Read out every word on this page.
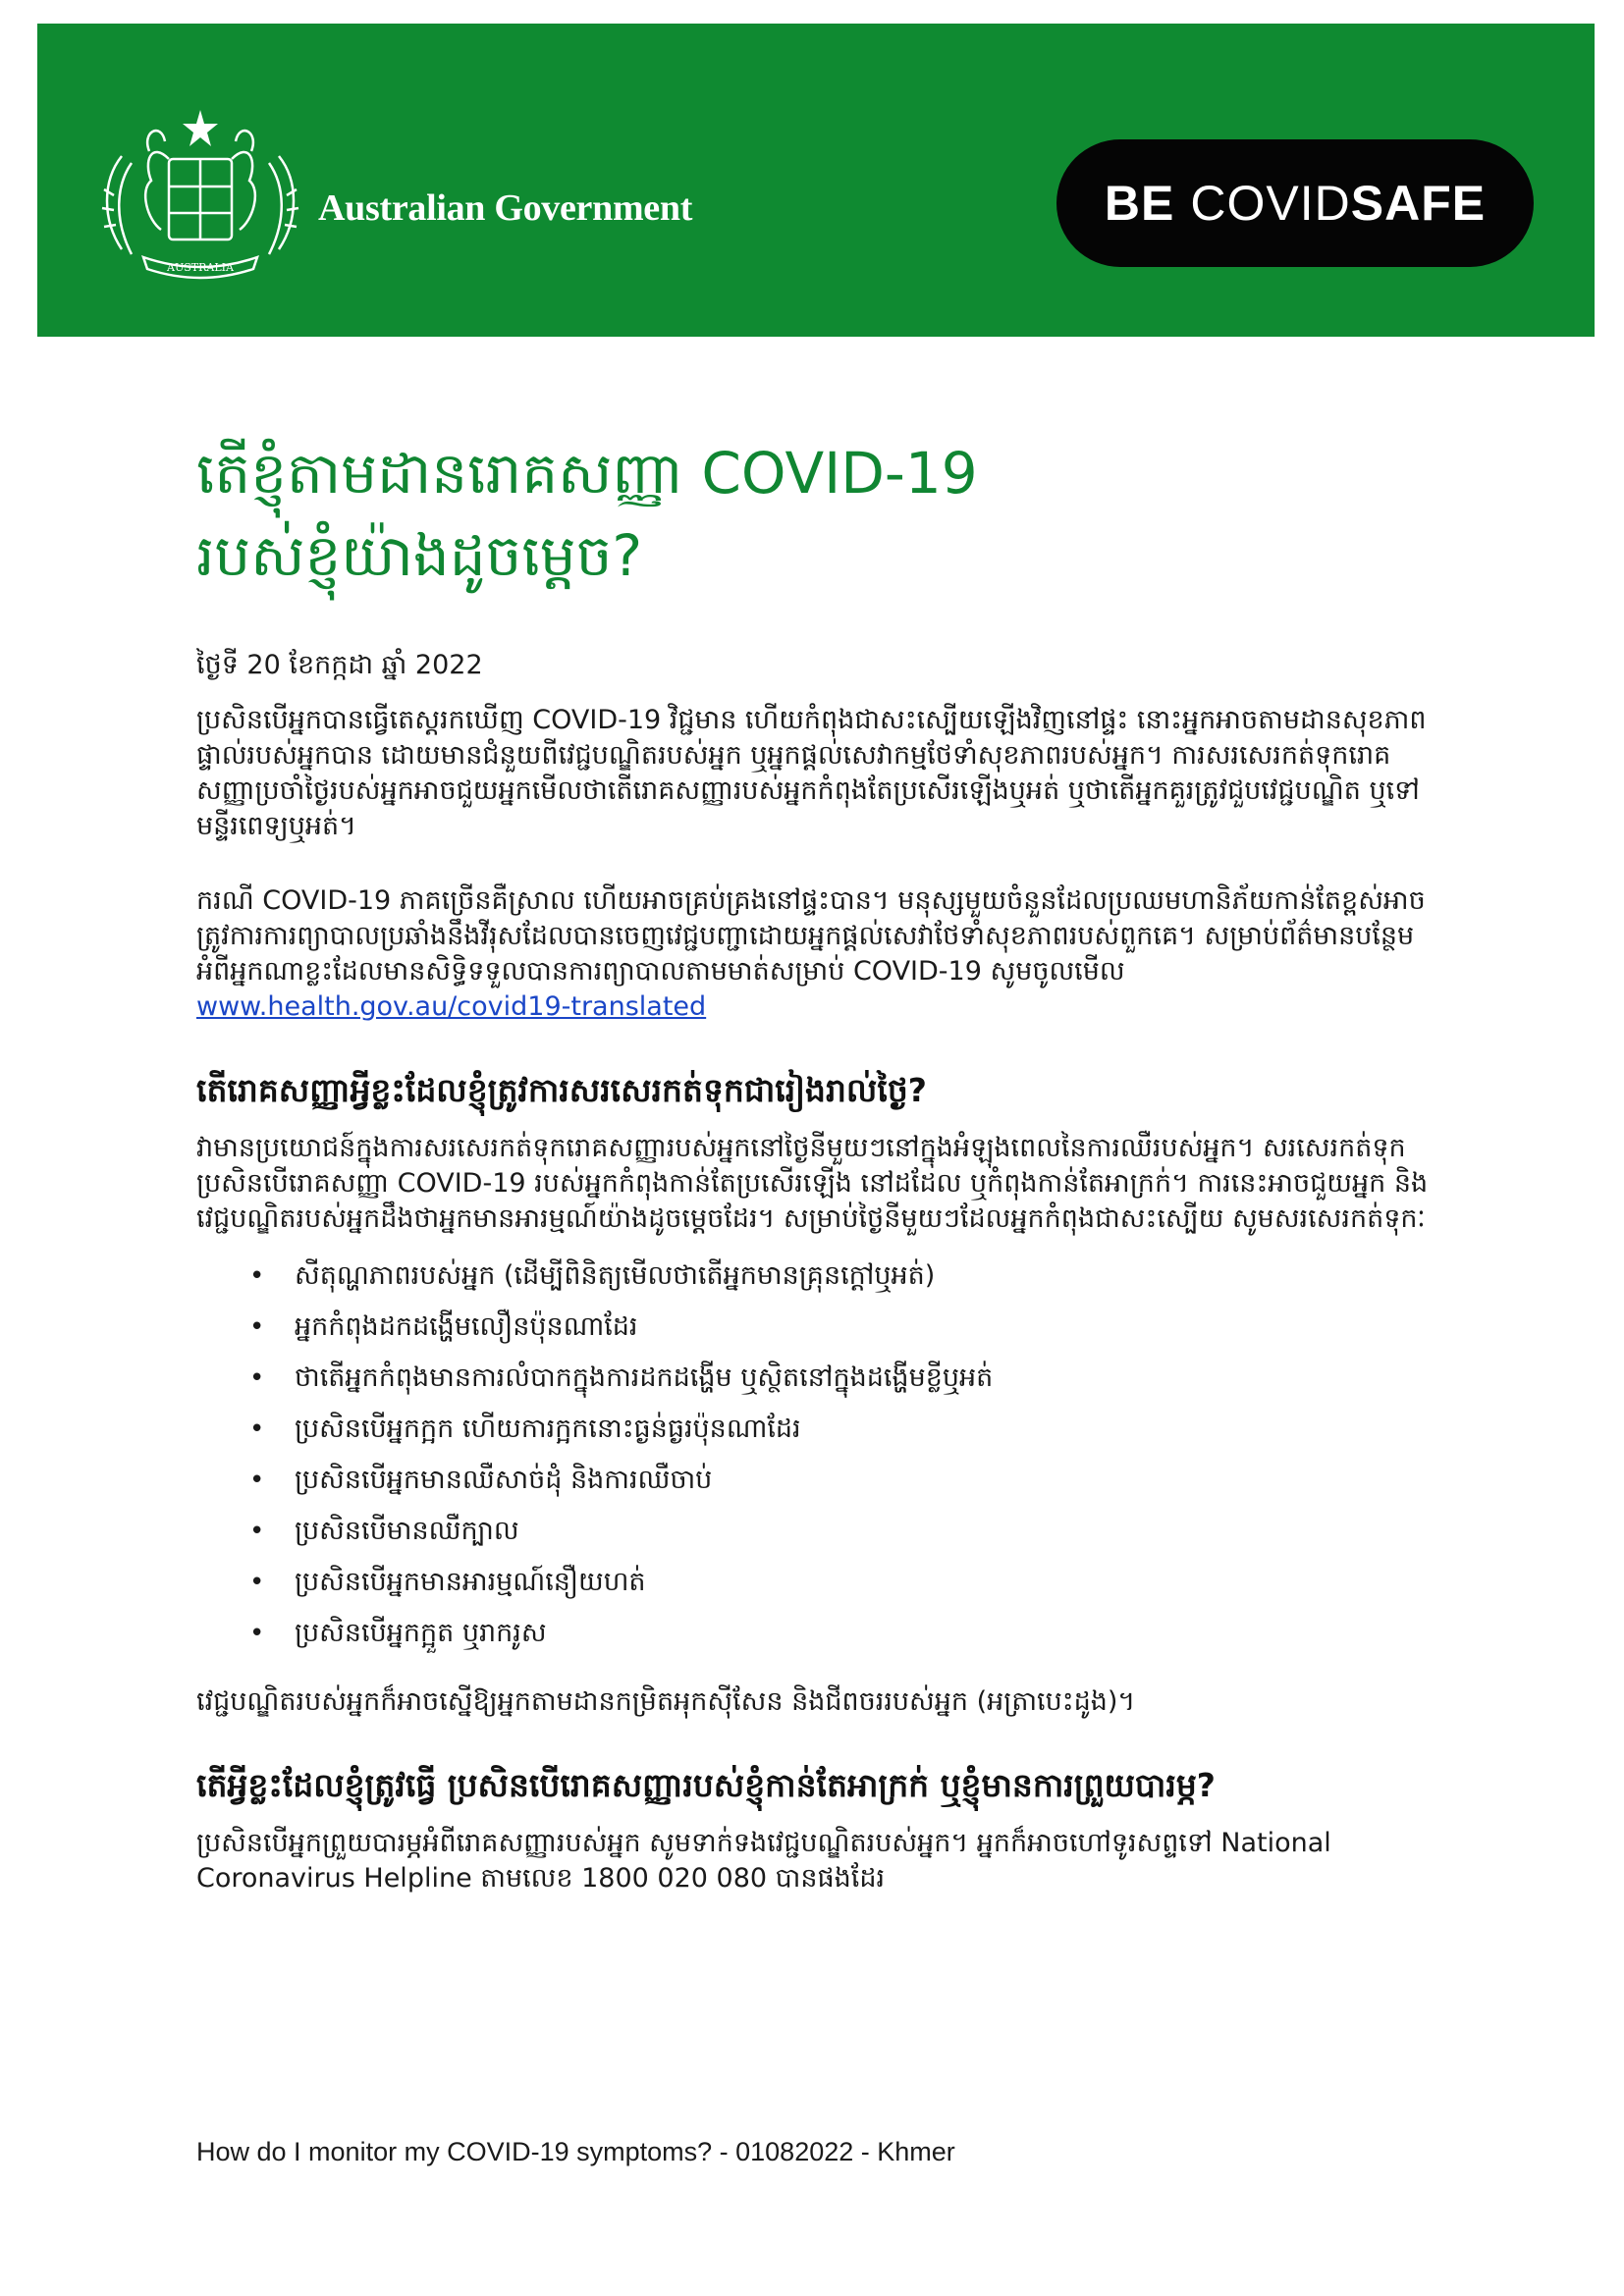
AUSTRALIA
Australian Government	BE COVID SAFE
តើខ្ញុំតាមដានរោគសញ្ញា COVID-19
របស់ខ្ញុំយ៉ាងដូចម្តេច?
ថ្ងៃទី 20 ខែកក្កដា ឆ្នាំ 2022

ប្រសិនបើអ្នកបានធ្វើតេស្តរកឃើញ COVID-19 វិជ្ជមាន ហើយកំពុងជាសះស្បើយឡើងវិញនៅផ្ទះ នោះអ្នកអាចតាមដានសុខភាពផ្ទាល់របស់អ្នកបាន ដោយមានជំនួយពីវេជ្ជបណ្ឌិតរបស់អ្នក ឬអ្នកផ្ដល់សេវាកម្មថែទាំសុខភាពរបស់អ្នក។ ការសរសេរកត់ទុករោគសញ្ញាប្រចាំថ្ងៃរបស់អ្នកអាចជួយអ្នកមើលថាតើរោគសញ្ញារបស់អ្នកកំពុងតែប្រសើរឡើងឬអត់ ឬថាតើអ្នកគួរត្រូវជួបវេជ្ជបណ្ឌិត ឬទៅមន្ទីរពេទ្យឬអត់។

ករណី COVID-19 ភាគច្រើនគឺស្រាល ហើយអាចគ្រប់គ្រងនៅផ្ទះបាន។ មនុស្សមួយចំនួនដែលប្រឈមហានិភ័យកាន់តែខ្ពស់អាចត្រូវការការព្យាបាលប្រឆាំងនឹងវីរុសដែលបានចេញវេជ្ជបញ្ជាដោយអ្នកផ្ដល់សេវាថែទាំសុខភាពរបស់ពួកគេ។ សម្រាប់ព័ត៌មានបន្ថែមអំពីអ្នកណាខ្លះដែលមានសិទ្ធិទទួលបានការព្យាបាលតាមមាត់សម្រាប់ COVID-19 សូមចូលមើល www.health.gov.au/covid19-translated

តើរោគសញ្ញាអ្វីខ្លះដែលខ្ញុំត្រូវការសរសេរកត់ទុកជារៀងរាល់ថ្ងៃ?

វាមានប្រយោជន៍ក្នុងការសរសេរកត់ទុករោគសញ្ញារបស់អ្នកនៅថ្ងៃនីមួយៗនៅក្នុងអំឡុងពេលនៃការឈឺរបស់អ្នក។ សរសេរកត់ទុក ប្រសិនបើរោគសញ្ញា COVID-19 របស់អ្នកកំពុងកាន់តែប្រសើរឡើង នៅដដែល ឬកំពុងកាន់តែអាក្រក់។ ការនេះអាចជួយអ្នក និងវេជ្ជបណ្ឌិតរបស់អ្នកដឹងថាអ្នកមានអារម្មណ៍យ៉ាងដូចម្តេចដែរ។ សម្រាប់ថ្ងៃនីមួយៗដែលអ្នកកំពុងជាសះស្បើយ សូមសរសេរកត់ទុកៈ

• សីតុណ្ហភាពរបស់អ្នក (ដើម្បីពិនិត្យមើលថាតើអ្នកមានគ្រុនក្ដៅឬអត់)
• អ្នកកំពុងដកដង្ហើមលឿនប៉ុនណាដែរ
• ថាតើអ្នកកំពុងមានការលំបាកក្នុងការដកដង្ហើម ឬស្ថិតនៅក្នុងដង្ហើមខ្លីឬអត់
• ប្រសិនបើអ្នកក្អក ហើយការក្អកនោះធ្ងន់ធ្ងរប៉ុនណាដែរ
• ប្រសិនបើអ្នកមានឈឺសាច់ដុំ និងការឈឺចាប់
• ប្រសិនបើមានឈឺក្បាល
• ប្រសិនបើអ្នកមានអារម្មណ៍នឿយហត់
• ប្រសិនបើអ្នកក្អួត ឬរាករូស

វេជ្ជបណ្ឌិតរបស់អ្នកក៏អាចស្នើឱ្យអ្នកតាមដានកម្រិតអុកស៊ីសែន និងជីពចររបស់អ្នក (អត្រាបេះដូង)។

តើអ្វីខ្លះដែលខ្ញុំត្រូវធ្វើ ប្រសិនបើរោគសញ្ញារបស់ខ្ញុំកាន់តែអាក្រក់ ឬខ្ញុំមានការព្រួយបារម្ភ?

ប្រសិនបើអ្នកព្រួយបារម្ភអំពីរោគសញ្ញារបស់អ្នក សូមទាក់ទងវេជ្ជបណ្ឌិតរបស់អ្នក។ អ្នកក៏អាចហៅទូរសព្ទទៅ National Coronavirus Helpline តាមលេខ 1800 020 080 បានផងដែរ

How do I monitor my COVID-19 symptoms? - 01082022 - Khmer
